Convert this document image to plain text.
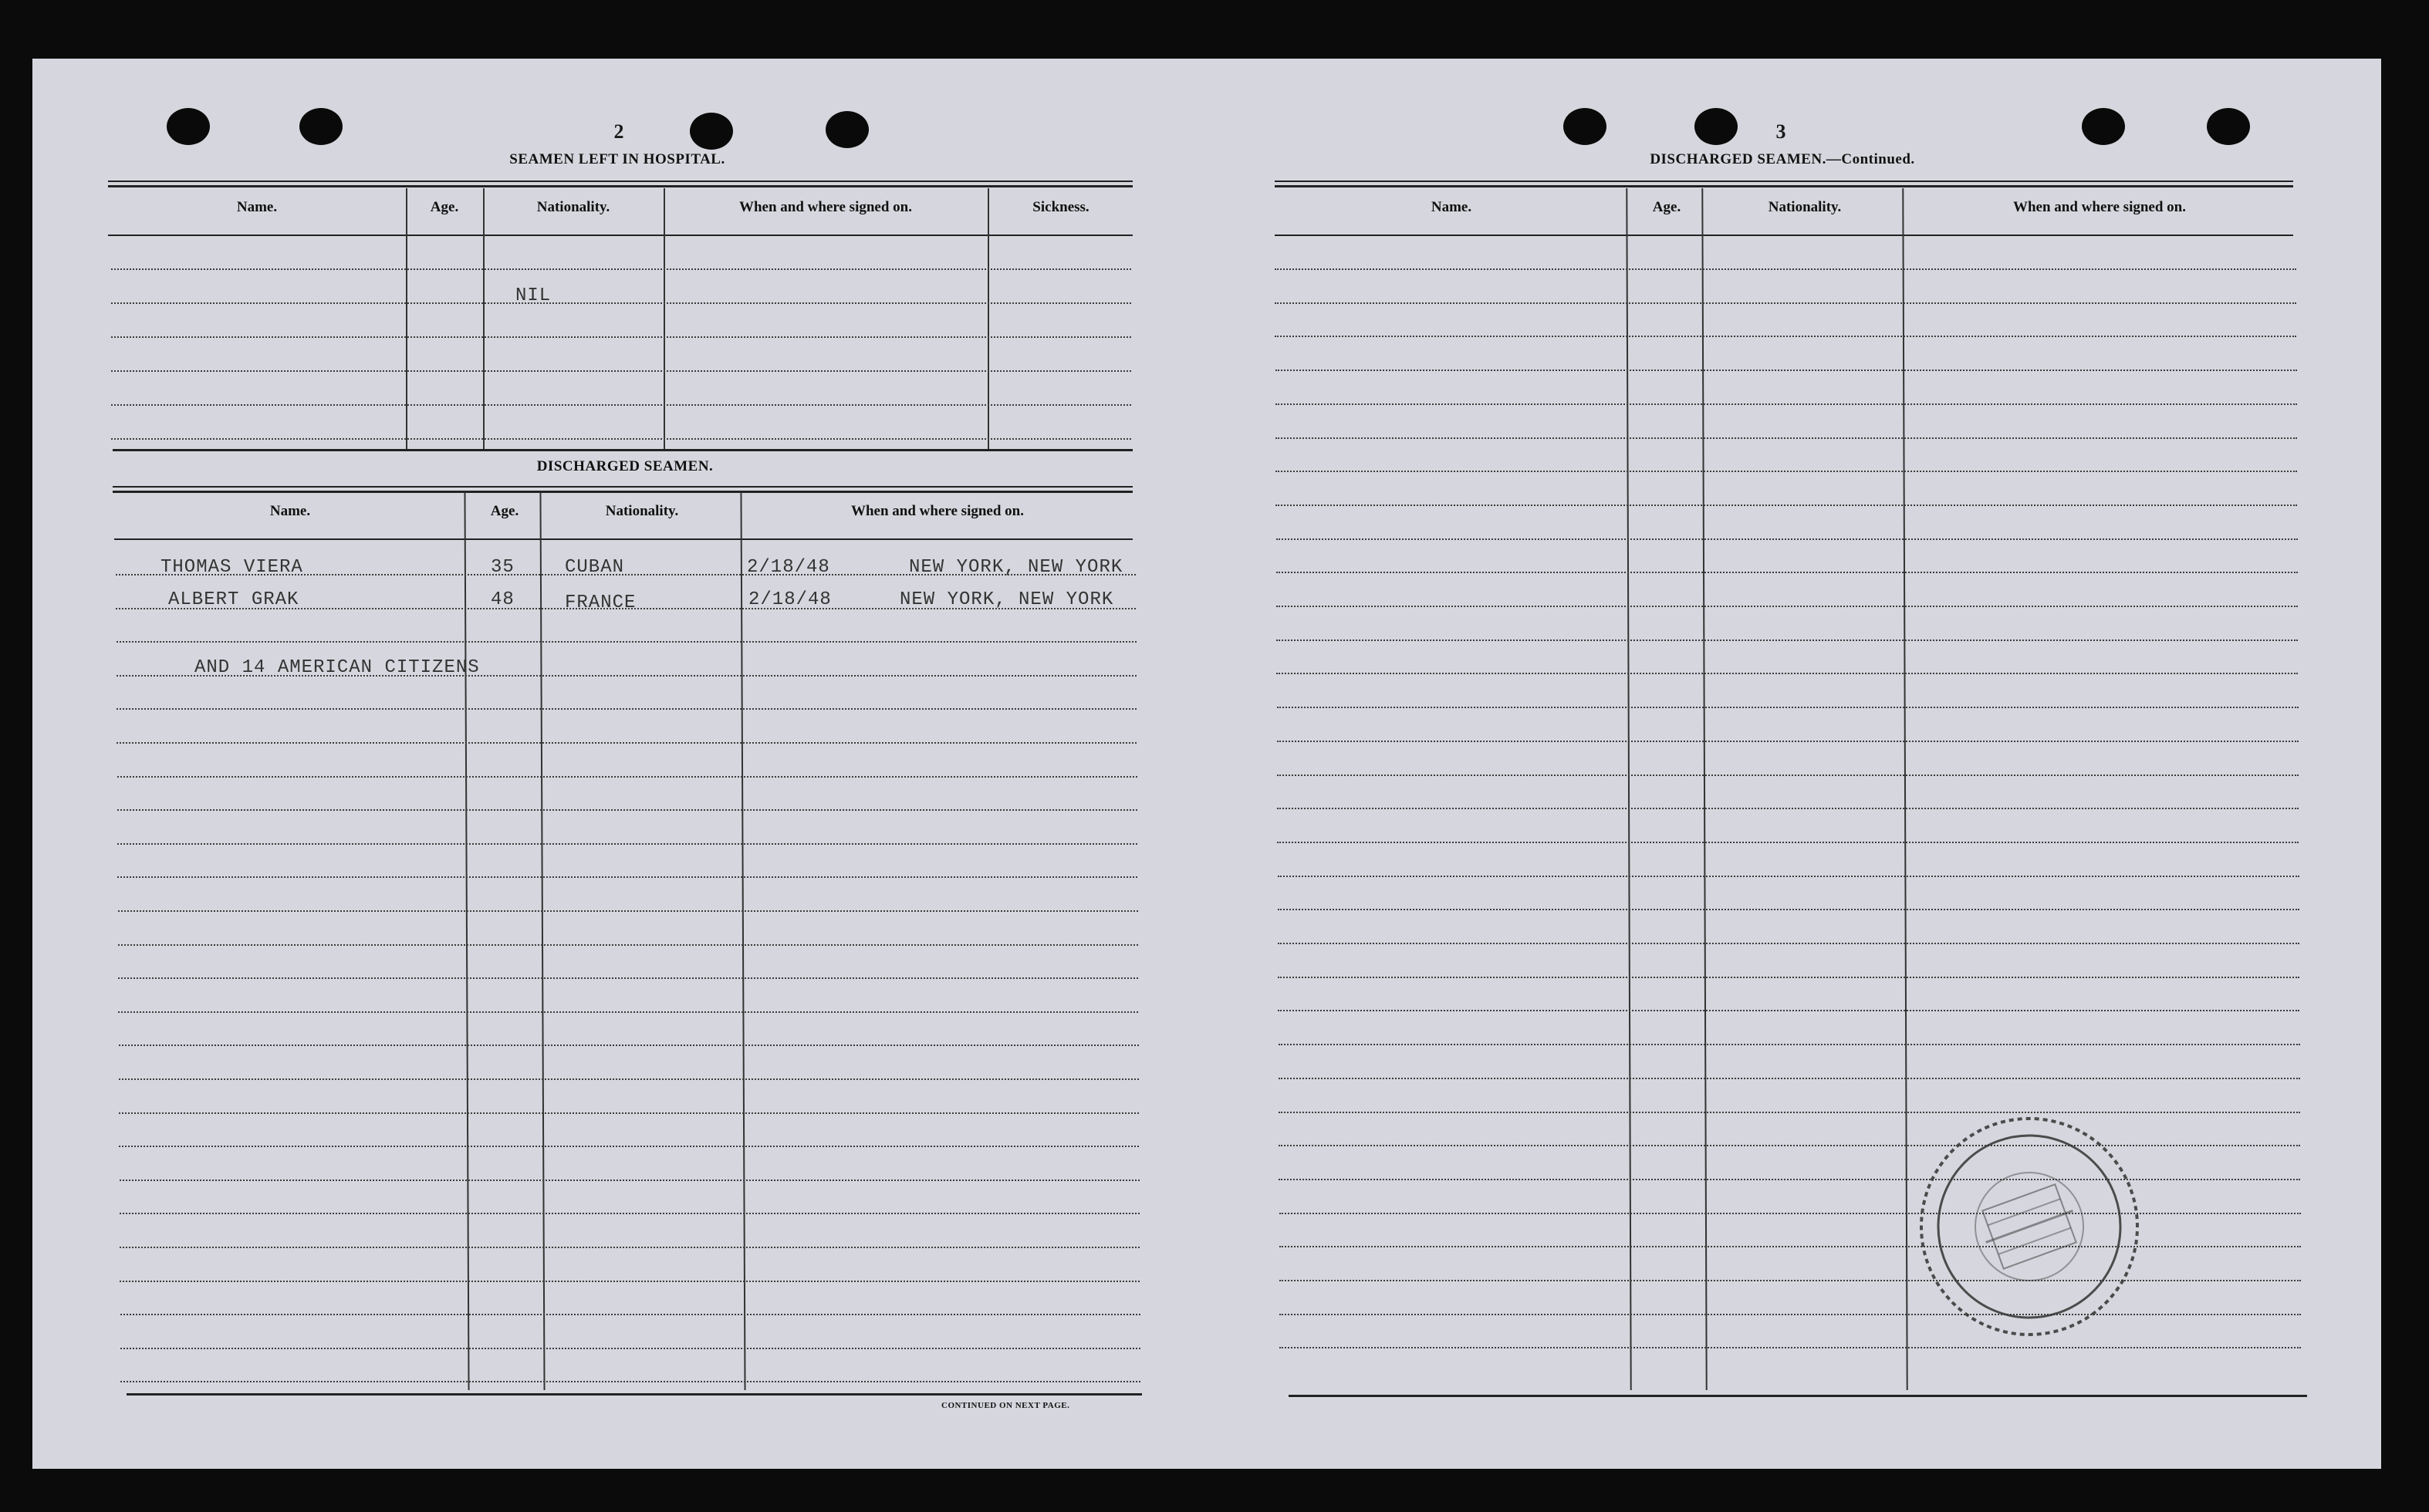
2
SEAMEN LEFT IN HOSPITAL.
Name.	Age.	Nationality.	When and where signed on.	Sickness.
NIL
DISCHARGED SEAMEN.
Name.	Age.	Nationality.	When and where signed on.
THOMAS VIERA	35	CUBAN	2/18/48	NEW YORK, NEW YORK
ALBERT GRAK	48	FRANCE	2/18/48	NEW YORK, NEW YORK
AND 14 AMERICAN CITIZENS
CONTINUED ON NEXT PAGE.
3
DISCHARGED SEAMEN.—Continued.
Name.	Age.	Nationality.	When and where signed on.
